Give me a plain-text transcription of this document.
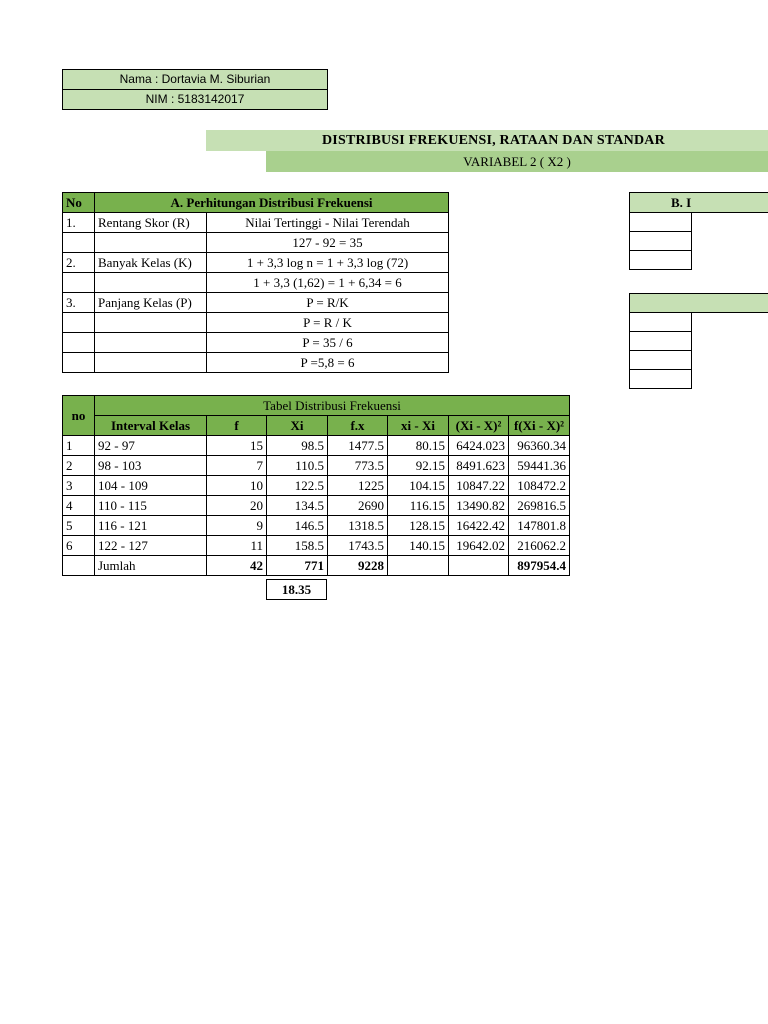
Nama : Dortavia M. Siburian
NIM : 5183142017
DISTRIBUSI FREKUENSI, RATAAN DAN STANDAR
VARIABEL 2 ( X2 )
No	A. Perhitungan Distribusi Frekuensi	
1.	Rentang Skor (R)	Nilai Tertinggi - Nilai Terendah
		127 - 92 = 35
2.	Banyak Kelas (K)	1 + 3,3 log n = 1 + 3,3 log (72)
		1 + 3,3 (1,62) = 1 + 6,34 = 6
3.	Panjang Kelas (P)	P = R/K
		P = R / K
		P = 35 / 6
		P =5,8 = 6
B. I	

no	Tabel Distribusi Frekuensi						
	Interval Kelas	f	Xi	f.x	xi - Xi	(Xi - X)²	f(Xi - X)²
1	92 - 97	15	98.5	1477.5	80.15	6424.023	96360.34
2	98 - 103	7	110.5	773.5	92.15	8491.623	59441.36
3	104 - 109	10	122.5	1225	104.15	10847.22	108472.2
4	110 - 115	20	134.5	2690	116.15	13490.82	269816.5
5	116 - 121	9	146.5	1318.5	128.15	16422.42	147801.8
6	122 - 127	11	158.5	1743.5	140.15	19642.02	216062.2
	Jumlah	42	771	9228			897954.4
18.35
